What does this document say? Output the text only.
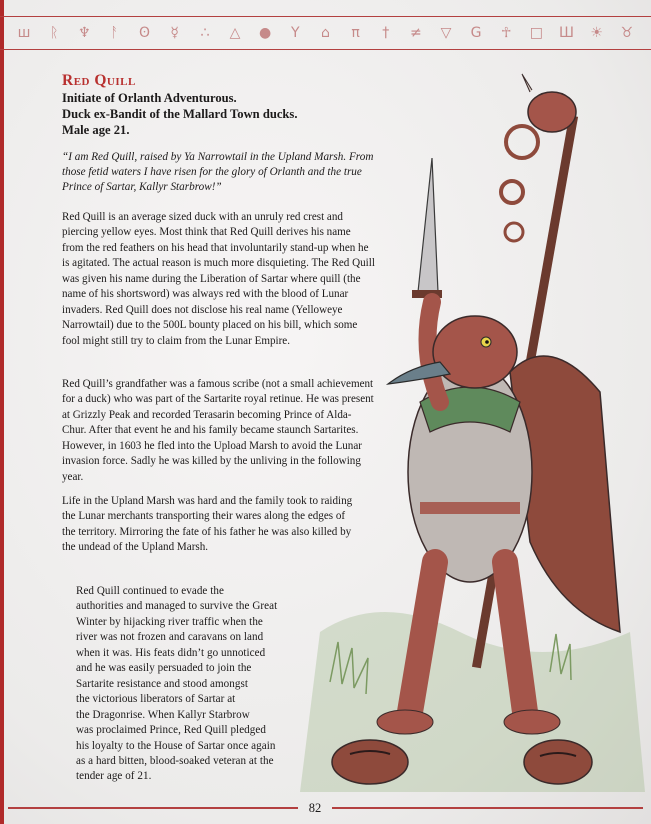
ш	ᚱ	♆	ᚨ	ʘ	☿	∴	△	●	Y	⌂	π	†	≠	▽	G	☥	□	Ш	☀	♉

Red Quill

Initiate of Orlanth Adventurous.

Duck ex-Bandit of the Mallard Town ducks.

Male age 21.

“I am Red Quill, raised by Ya Narrowtail in the Upland Marsh. From those fetid waters I have risen for the glory of Orlanth and the true Prince of Sartar, Kallyr Starbrow!”

Red Quill is an average sized duck with an unruly red crest and piercing yellow eyes. Most think that Red Quill derives his name from the red feathers on his head that involuntarily stand-up when he is agitated. The actual reason is much more disquieting. The Red Quill was given his name during the Liberation of Sartar where quill (the name of his shortsword) was always red with the blood of Lunar invaders. Red Quill does not disclose his real name (Yelloweye Narrowtail) due to the 500L bounty placed on his bill, which some fool might still try to claim from the Lunar Empire.

Red Quill’s grandfather was a famous scribe (not a small achievement for a duck) who was part of the Sartarite royal retinue. He was present at Grizzly Peak and recorded Terasarin becoming Prince of Alda-Chur. After that event he and his family became staunch Sartarites. However, in 1603 he fled into the Upload Marsh to avoid the Lunar invasion force. Sadly he was killed by the unliving in the following year.

Life in the Upland Marsh was hard and the family took to raiding the Lunar merchants transporting their wares along the edges of the territory. Mirroring the fate of his father he was also killed by the undead of the Upland Marsh.

Red Quill continued to evade the
authorities and managed to survive the Great
Winter by hijacking river traffic when the
river was not frozen and caravans on land
when it was. His feats didn’t go unnoticed
and he was easily persuaded to join the
Sartarite resistance and stood amongst
the victorious liberators of Sartar at
the Dragonrise. When Kallyr Starbrow
was proclaimed Prince, Red Quill pledged
his loyalty to the House of Sartar once again
as a hard bitten, blood-soaked veteran at the
tender age of 21.

82
